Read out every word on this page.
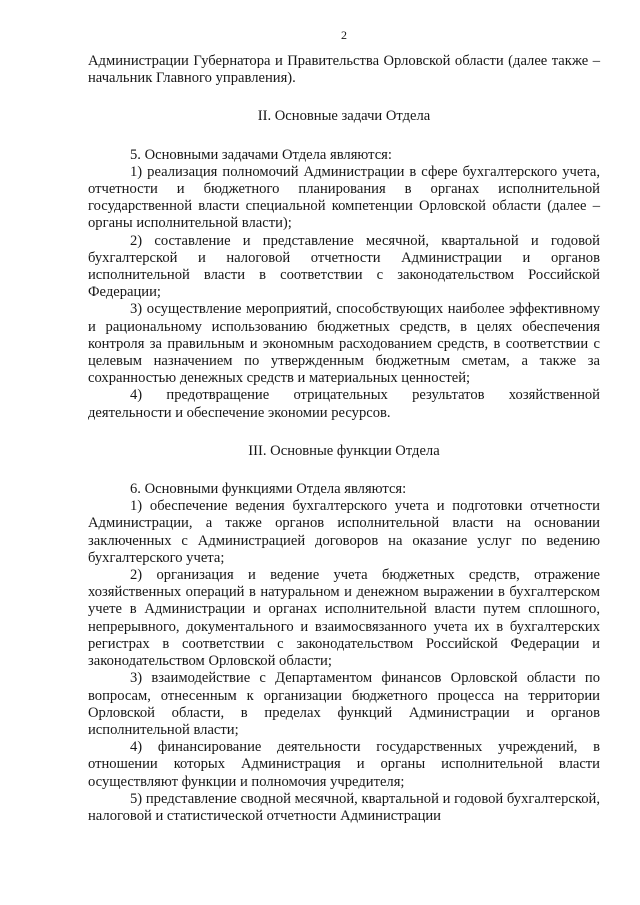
2

Администрации Губернатора и Правительства Орловской области (далее также – начальник Главного управления).

II. Основные задачи Отдела

5. Основными задачами Отдела являются:

1) реализация полномочий Администрации в сфере бухгалтерского учета, отчетности и бюджетного планирования в органах исполнительной государственной власти специальной компетенции Орловской области (далее – органы исполнительной власти);

2) составление и представление месячной, квартальной и годовой бухгалтерской и налоговой отчетности Администрации и органов исполнительной власти в соответствии с законодательством Российской Федерации;

3) осуществление мероприятий, способствующих наиболее эффективному и рациональному использованию бюджетных средств, в целях обеспечения контроля за правильным и экономным расходованием средств, в соответствии с целевым назначением по утвержденным бюджетным сметам, а также за сохранностью денежных средств и материальных ценностей;

4) предотвращение отрицательных результатов хозяйственной деятельности и обеспечение экономии ресурсов.

III. Основные функции Отдела

6. Основными функциями Отдела являются:

1) обеспечение ведения бухгалтерского учета и подготовки отчетности Администрации, а также органов исполнительной власти на основании заключенных с Администрацией договоров на оказание услуг по ведению бухгалтерского учета;

2) организация и ведение учета бюджетных средств, отражение хозяйственных операций в натуральном и денежном выражении в бухгалтерском учете в Администрации и органах исполнительной власти путем сплошного, непрерывного, документального и взаимосвязанного учета их в бухгалтерских регистрах в соответствии с законодательством Российской Федерации и законодательством Орловской области;

3) взаимодействие с Департаментом финансов Орловской области по вопросам, отнесенным к организации бюджетного процесса на территории Орловской области, в пределах функций Администрации и органов исполнительной власти;

4) финансирование деятельности государственных учреждений, в отношении которых Администрация и органы исполнительной власти осуществляют функции и полномочия учредителя;

5) представление сводной месячной, квартальной и годовой бухгалтерской, налоговой и статистической отчетности Администрации
